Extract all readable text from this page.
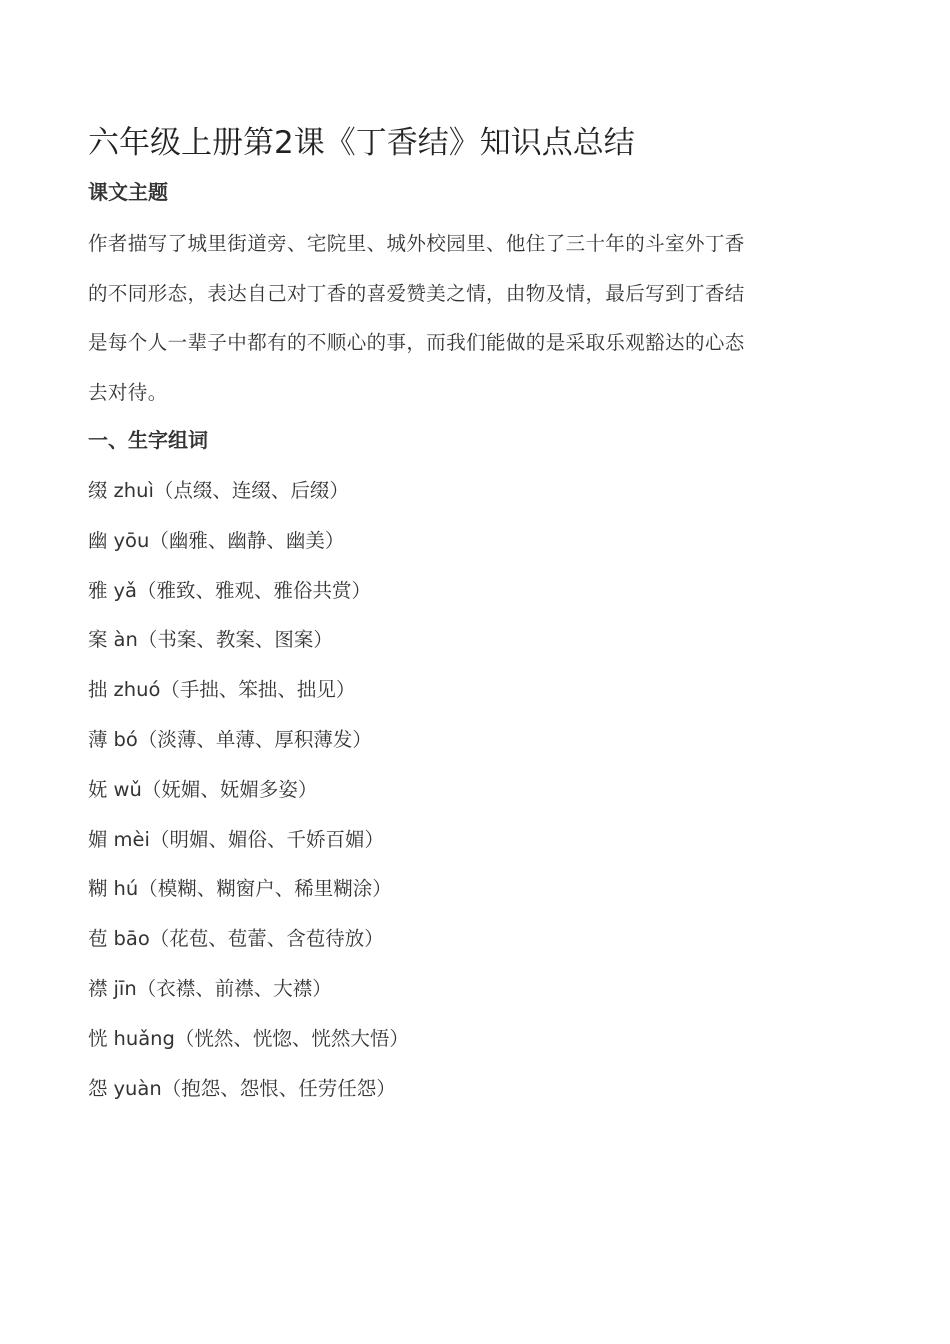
六年级上册第2课《丁香结》知识点总结
课文主题

作者描写了城里街道旁、宅院里、城外校园里、他住了三十年的斗室外丁香
的不同形态，表达自己对丁香的喜爱赞美之情，由物及情，最后写到丁香结
是每个人一辈子中都有的不顺心的事，而我们能做的是采取乐观豁达的心态
去对待。

一、生字组词
缀 zhuì（点缀、连缀、后缀）
幽 yōu（幽雅、幽静、幽美）
雅 yǎ（雅致、雅观、雅俗共赏）
案 àn（书案、教案、图案）
拙 zhuó（手拙、笨拙、拙见）
薄 bó（淡薄、单薄、厚积薄发）
妩 wǔ（妩媚、妩媚多姿）
媚 mèi（明媚、媚俗、千娇百媚）
糊 hú（模糊、糊窗户、稀里糊涂）
苞 bāo（花苞、苞蕾、含苞待放）
襟 jīn（衣襟、前襟、大襟）
恍 huǎng（恍然、恍惚、恍然大悟）
怨 yuàn（抱怨、怨恨、任劳任怨）
